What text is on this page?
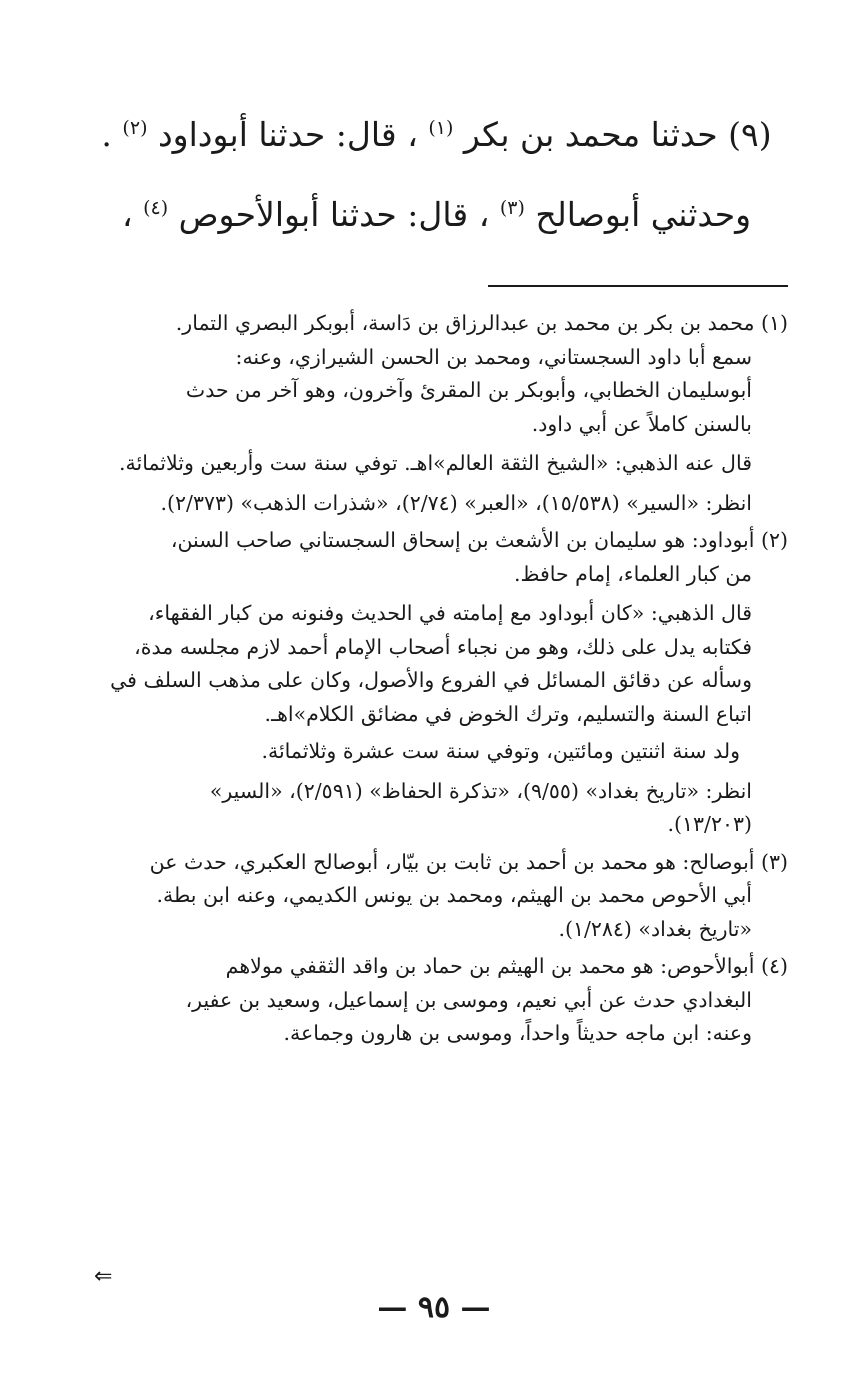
(٩) حدثنا محمد بن بكر $^{(١)}$ ، قال: حدثنا أبوداود $^{(٢)}$ .
وحدثني أبوصالح $^{(٣)}$ ، قال: حدثنا أبوالأحوص $^{(٤)}$ ،
(١) محمد بن بكر بن محمد بن عبدالرزاق بن دَاسة، أبوبكر البصري التمار.
سمع أبا داود السجستاني، ومحمد بن الحسن الشيرازي، وعنه:
أبوسليمان الخطابي، وأبوبكر بن المقرئ وآخرون، وهو آخر من حدث
بالسنن كاملاً عن أبي داود.
قال عنه الذهبي: «الشيخ الثقة العالم»اهـ. توفي سنة ست وأربعين وثلاثمائة.
انظر: «السير» (١٥/٥٣٨)، «العبر» (٢/٧٤)، «شذرات الذهب» (٢/٣٧٣).
(٢) أبوداود: هو سليمان بن الأشعث بن إسحاق السجستاني صاحب السنن،
من كبار العلماء، إمام حافظ.
قال الذهبي: «كان أبوداود مع إمامته في الحديث وفنونه من كبار الفقهاء،
فكتابه يدل على ذلك، وهو من نجباء أصحاب الإمام أحمد لازم مجلسه مدة،
وسأله عن دقائق المسائل في الفروع والأصول، وكان على مذهب السلف في
اتباع السنة والتسليم، وترك الخوض في مضائق الكلام»اهـ.
ولد سنة اثنتين ومائتين، وتوفي سنة ست عشرة وثلاثمائة.
انظر: «تاريخ بغداد» (٩/٥٥)، «تذكرة الحفاظ» (٢/٥٩١)، «السير»
(١٣/٢٠٣).
(٣) أبوصالح: هو محمد بن أحمد بن ثابت بن بيّار، أبوصالح العكبري، حدث عن
أبي الأحوص محمد بن الهيثم، ومحمد بن يونس الكديمي، وعنه ابن بطة.
«تاريخ بغداد» (١/٢٨٤).
(٤) أبوالأحوص: هو محمد بن الهيثم بن حماد بن واقد الثقفي مولاهم
البغدادي حدث عن أبي نعيم، وموسى بن إسماعيل، وسعيد بن عفير،
وعنه: ابن ماجه حديثاً واحداً، وموسى بن هارون وجماعة.
⇐
— ٩٥ —
